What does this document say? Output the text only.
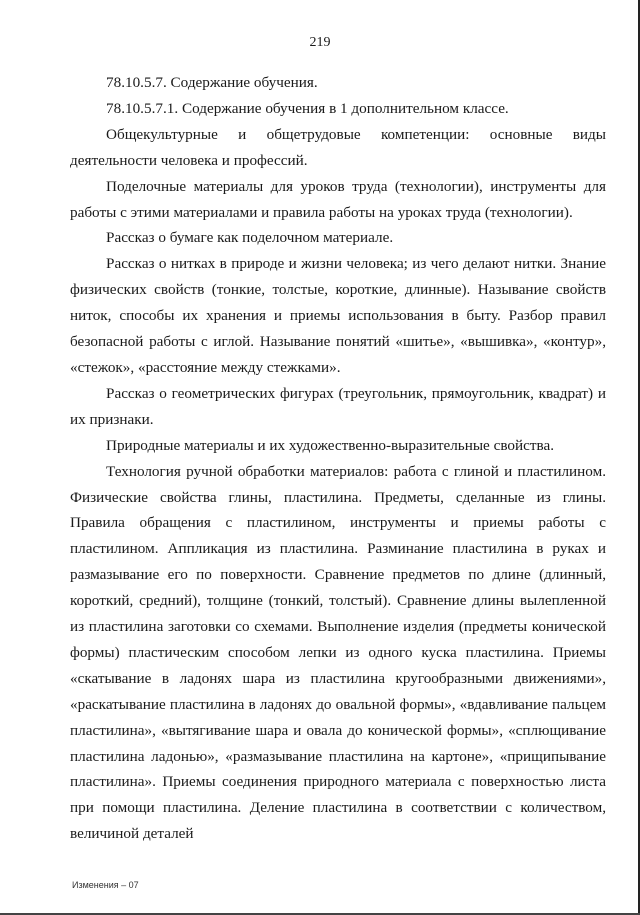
219

78.10.5.7. Содержание обучения.

78.10.5.7.1. Содержание обучения в 1 дополнительном классе.

Общекультурные и общетрудовые компетенции: основные виды деятельности человека и профессий.

Поделочные материалы для уроков труда (технологии), инструменты для работы с этими материалами и правила работы на уроках труда (технологии).

Рассказ о бумаге как поделочном материале.

Рассказ о нитках в природе и жизни человека; из чего делают нитки. Знание физических свойств (тонкие, толстые, короткие, длинные). Называние свойств ниток, способы их хранения и приемы использования в быту. Разбор правил безопасной работы с иглой. Называние понятий «шитье», «вышивка», «контур», «стежок», «расстояние между стежками».

Рассказ о геометрических фигурах (треугольник, прямоугольник, квадрат) и их признаки.

Природные материалы и их художественно-выразительные свойства.

Технология ручной обработки материалов: работа с глиной и пластилином. Физические свойства глины, пластилина. Предметы, сделанные из глины. Правила обращения с пластилином, инструменты и приемы работы с пластилином. Аппликация из пластилина. Разминание пластилина в руках и размазывание его по поверхности. Сравнение предметов по длине (длинный, короткий, средний), толщине (тонкий, толстый). Сравнение длины вылепленной из пластилина заготовки со схемами. Выполнение изделия (предметы конической формы) пластическим способом лепки из одного куска пластилина. Приемы «скатывание в ладонях шара из пластилина кругообразными движениями», «раскатывание пластилина в ладонях до овальной формы», «вдавливание пальцем пластилина», «вытягивание шара и овала до конической формы», «сплющивание пластилина ладонью», «размазывание пластилина на картоне», «прищипывание пластилина». Приемы соединения природного материала с поверхностью листа при помощи пластилина. Деление пластилина в соответствии с количеством, величиной деталей

Изменения – 07
